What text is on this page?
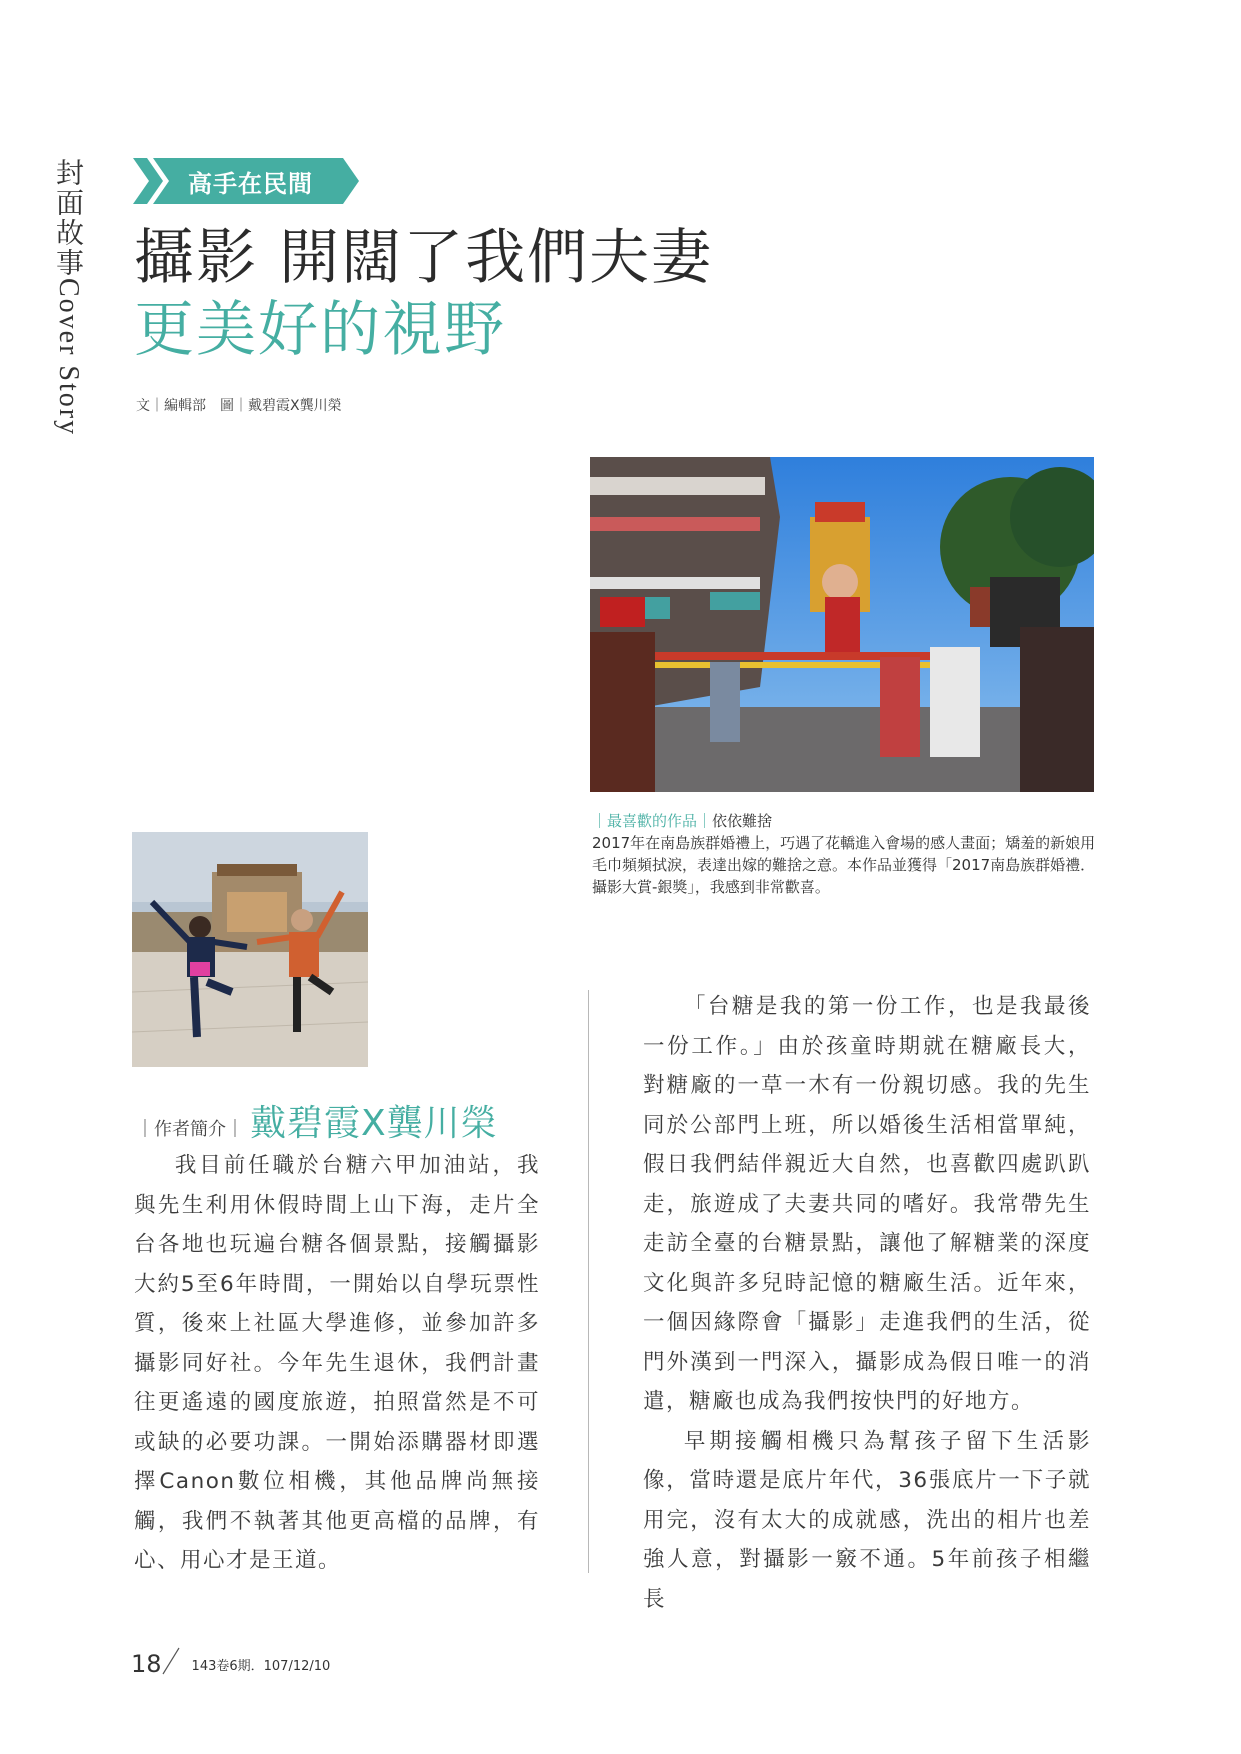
封面故事Cover Story
高手在民間
攝影 開闊了我們夫妻
更美好的視野
文｜編輯部　圖｜戴碧霞X龔川榮
｜最喜歡的作品｜依依難捨
2017年在南島族群婚禮上，巧遇了花轎進入會場的感人畫面；矯羞的新娘用毛巾頻頻拭淚，表達出嫁的難捨之意。本作品並獲得「2017南島族群婚禮．攝影大賞-銀獎」，我感到非常歡喜。
｜作者簡介｜ 戴碧霞X龔川榮

我目前任職於台糖六甲加油站，我與先生利用休假時間上山下海，走片全台各地也玩遍台糖各個景點，接觸攝影大約5至6年時間，一開始以自學玩票性質，後來上社區大學進修，並參加許多攝影同好社。今年先生退休，我們計畫往更遙遠的國度旅遊，拍照當然是不可或缺的必要功課。一開始添購器材即選擇Canon數位相機，其他品牌尚無接觸，我們不執著其他更高檔的品牌，有心、用心才是王道。

「台糖是我的第一份工作，也是我最後一份工作。」由於孩童時期就在糖廠長大，對糖廠的一草一木有一份親切感。我的先生同於公部門上班，所以婚後生活相當單純，假日我們結伴親近大自然，也喜歡四處趴趴走，旅遊成了夫妻共同的嗜好。我常帶先生走訪全臺的台糖景點，讓他了解糖業的深度文化與許多兒時記憶的糖廠生活。近年來，一個因緣際會「攝影」走進我們的生活，從門外漢到一門深入，攝影成為假日唯一的消遣，糖廠也成為我們按快門的好地方。

早期接觸相機只為幫孩子留下生活影像，當時還是底片年代，36張底片一下子就用完，沒有太大的成就感，洗出的相片也差強人意，對攝影一竅不通。5年前孩子相繼長

18 143卷6期．107/12/10
